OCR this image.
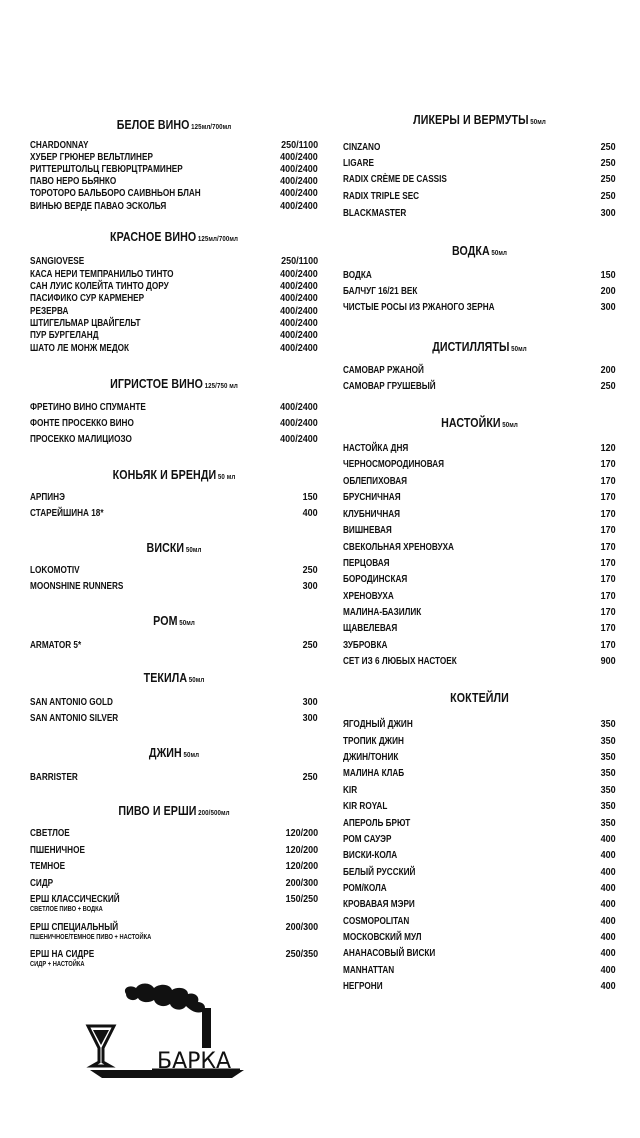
БЕЛОЕ ВИНО 125мл/700мл
CHARDONNAY	250/1100
ХУБЕР ГРЮНЕР ВЕЛЬТЛИНЕР	400/2400
РИТТЕРШТОЛЬЦ ГЕВЮРЦТРАМИНЕР	400/2400
ПАВО НЕРО БЬЯНКО	400/2400
ТОРОТОРО БАЛЬБОРО САИВНЬОН БЛАН	400/2400
ВИНЬЮ ВЕРДЕ ПАВАО ЭСКОЛЬЯ	400/2400
КРАСНОЕ ВИНО 125мл/700мл
SANGIOVESE	250/1100
КАСА НЕРИ ТЕМПРАНИЛЬО ТИНТО	400/2400
САН ЛУИС КОЛЕЙТА ТИНТО ДОРУ	400/2400
ПАСИФИКО СУР КАРМЕНЕР	400/2400
РЕЗЕРВА	400/2400
ШТИГЕЛЬМАР ЦВАЙГЕЛЬТ	400/2400
ПУР БУРГЕЛАНД	400/2400
ШАТО ЛЕ МОНЖ МЕДОК	400/2400
ИГРИСТОЕ ВИНО 125/750 мл
ФРЕТИНО ВИНО СПУМАНТЕ	400/2400
ФОНТЕ ПРОСЕККО ВИНО	400/2400
ПРОСЕККО МАЛИЦИОЗО	400/2400
КОНЬЯК И БРЕНДИ 50 мл
АРПИНЭ	150
СТАРЕЙШИНА 18*	400
ВИСКИ 50мл
LOKOMOTIV	250
MOONSHINE RUNNERS	300
РОМ 50мл
ARMATOR 5*	250
ТЕКИЛА 50мл
SAN ANTONIO GOLD	300
SAN ANTONIO SILVER	300
ДЖИН 50мл
BARRISTER	250
ПИВО И ЕРШИ 200/500мл
СВЕТЛОЕ	120/200
ПШЕНИЧНОЕ	120/200
ТЕМНОЕ	120/200
СИДР	200/300
ЕРШ КЛАССИЧЕСКИЙ	150/250
СВЕТЛОЕ ПИВО + ВОДКА
ЕРШ СПЕЦИАЛЬНЫЙ	200/300
ПШЕНИЧНОЕ/ТЕМНОЕ ПИВО + НАСТОЙКА
ЕРШ НА СИДРЕ	250/350
СИДР + НАСТОЙКА
ЛИКЕРЫ И ВЕРМУТЫ 50мл
CINZANO	250
LIGARE	250
RADIX CRÈME DE CASSIS	250
RADIX TRIPLE SEC	250
BLACKMASTER	300
ВОДКА 50мл
ВОДКА	150
БАЛЧУГ 16/21 ВЕК	200
ЧИСТЫЕ РОСЫ ИЗ РЖАНОГО ЗЕРНА	300
ДИСТИЛЛЯТЫ 50мл
САМОВАР РЖАНОЙ	200
САМОВАР ГРУШЕВЫЙ	250
НАСТОЙКИ 50мл
НАСТОЙКА ДНЯ	120
ЧЕРНОСМОРОДИНОВАЯ	170
ОБЛЕПИХОВАЯ	170
БРУСНИЧНАЯ	170
КЛУБНИЧНАЯ	170
ВИШНЕВАЯ	170
СВЕКОЛЬНАЯ ХРЕНОВУХА	170
ПЕРЦОВАЯ	170
БОРОДИНСКАЯ	170
ХРЕНОВУХА	170
МАЛИНА-БАЗИЛИК	170
ЩАВЕЛЕВАЯ	170
ЗУБРОВКА	170
СЕТ ИЗ 6 ЛЮБЫХ НАСТОЕК	900
КОКТЕЙЛИ
ЯГОДНЫЙ ДЖИН	350
ТРОПИК ДЖИН	350
ДЖИН/ТОНИК	350
МАЛИНА КЛАБ	350
KIR	350
KIR ROYAL	350
АПЕРОЛЬ БРЮТ	350
РОМ САУЭР	400
ВИСКИ-КОЛА	400
БЕЛЫЙ РУССКИЙ	400
РОМ/КОЛА	400
КРОВАВАЯ МЭРИ	400
COSMOPOLITAN	400
МОСКОВСКИЙ МУЛ	400
АНАНАСОВЫЙ ВИСКИ	400
MANHATTAN	400
НЕГРОНИ	400
БАРКА
